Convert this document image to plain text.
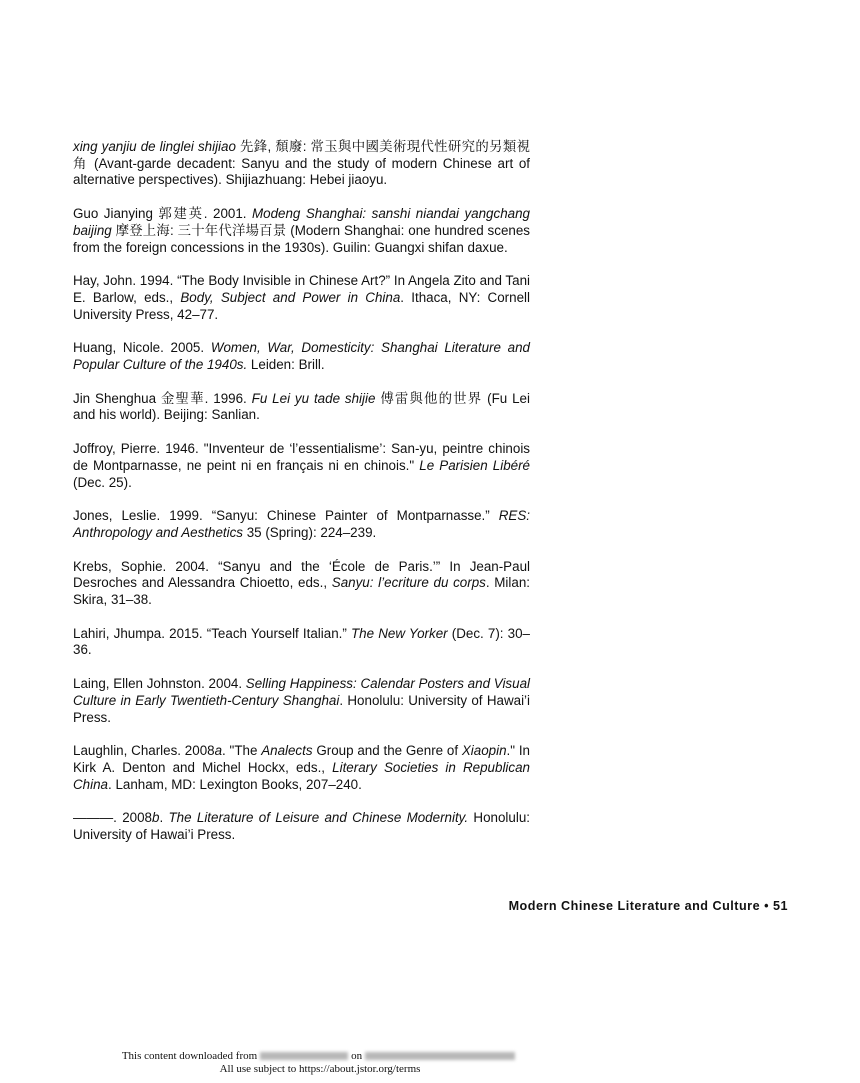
xing yanjiu de linglei shijiao 先鋒, 頹廢: 常玉與中國美術現代性研究的另類視角 (Avant-garde decadent: Sanyu and the study of modern Chinese art of alternative perspectives). Shijiazhuang: Hebei jiaoyu.

Guo Jianying 郭建英. 2001. Modeng Shanghai: sanshi niandai yangchang baijing 摩登上海: 三十年代洋場百景 (Modern Shanghai: one hundred scenes from the foreign concessions in the 1930s). Guilin: Guangxi shifan daxue.

Hay, John. 1994. “The Body Invisible in Chinese Art?” In Angela Zito and Tani E. Barlow, eds., Body, Subject and Power in China. Ithaca, NY: Cornell University Press, 42–77.

Huang, Nicole. 2005. Women, War, Domesticity: Shanghai Literature and Popular Culture of the 1940s. Leiden: Brill.

Jin Shenghua 金聖華. 1996. Fu Lei yu tade shijie 傅雷與他的世界 (Fu Lei and his world). Beijing: Sanlian.

Joffroy, Pierre. 1946. "Inventeur de ‘l’essentialisme’: San-yu, peintre chinois de Montparnasse, ne peint ni en français ni en chinois." Le Parisien Libéré (Dec. 25).

Jones, Leslie. 1999. “Sanyu: Chinese Painter of Montparnasse.” RES: Anthropology and Aesthetics 35 (Spring): 224–239.

Krebs, Sophie. 2004. “Sanyu and the ‘École de Paris.’” In Jean-Paul Desroches and Alessandra Chioetto, eds., Sanyu: l’ecriture du corps. Milan: Skira, 31–38.

Lahiri, Jhumpa. 2015. “Teach Yourself Italian.” The New Yorker (Dec. 7): 30–36.

Laing, Ellen Johnston. 2004. Selling Happiness: Calendar Posters and Visual Culture in Early Twentieth-Century Shanghai. Honolulu: University of Hawai’i Press.

Laughlin, Charles. 2008a. "The Analects Group and the Genre of Xiaopin." In Kirk A. Denton and Michel Hockx, eds., Literary Societies in Republican China. Lanham, MD: Lexington Books, 207–240.

———. 2008b. The Literature of Leisure and Chinese Modernity. Honolulu: University of Hawai’i Press.

Modern Chinese Literature and Culture • 51
This content downloaded from	on
All use subject to https://about.jstor.org/terms
